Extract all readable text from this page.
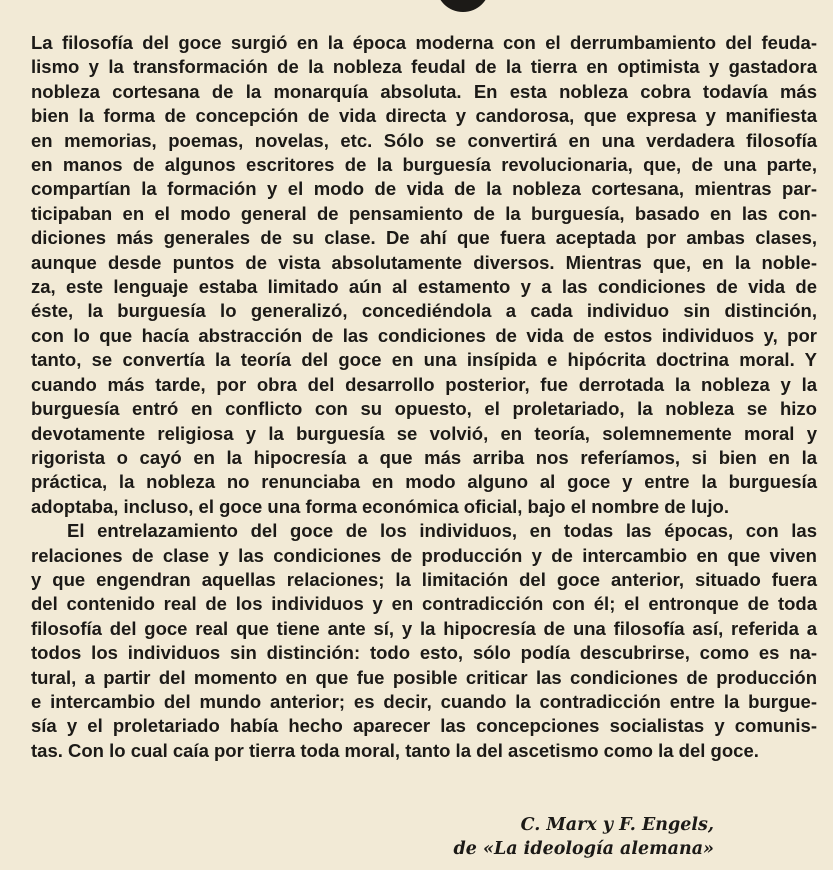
La filosofía del goce surgió en la época moderna con el derrumbamiento del feuda-
lismo y la transformación de la nobleza feudal de la tierra en optimista y gastadora
nobleza cortesana de la monarquía absoluta. En esta nobleza cobra todavía más
bien la forma de concepción de vida directa y candorosa, que expresa y manifiesta
en memorias, poemas, novelas, etc. Sólo se convertirá en una verdadera filosofía
en manos de algunos escritores de la burguesía revolucionaria, que, de una parte,
compartían la formación y el modo de vida de la nobleza cortesana, mientras par-
ticipaban en el modo general de pensamiento de la burguesía, basado en las con-
diciones más generales de su clase. De ahí que fuera aceptada por ambas clases,
aunque desde puntos de vista absolutamente diversos. Mientras que, en la noble-
za, este lenguaje estaba limitado aún al estamento y a las condiciones de vida de
éste, la burguesía lo generalizó, concediéndola a cada individuo sin distinción,
con lo que hacía abstracción de las condiciones de vida de estos individuos y, por
tanto, se convertía la teoría del goce en una insípida e hipócrita doctrina moral. Y
cuando más tarde, por obra del desarrollo posterior, fue derrotada la nobleza y la
burguesía entró en conflicto con su opuesto, el proletariado, la nobleza se hizo
devotamente religiosa y la burguesía se volvió, en teoría, solemnemente moral y
rigorista o cayó en la hipocresía a que más arriba nos referíamos, si bien en la
práctica, la nobleza no renunciaba en modo alguno al goce y entre la burguesía
adoptaba, incluso, el goce una forma económica oficial, bajo el nombre de lujo.

El entrelazamiento del goce de los individuos, en todas las épocas, con las
relaciones de clase y las condiciones de producción y de intercambio en que viven
y que engendran aquellas relaciones; la limitación del goce anterior, situado fuera
del contenido real de los individuos y en contradicción con él; el entronque de toda
filosofía del goce real que tiene ante sí, y la hipocresía de una filosofía así, referida a
todos los individuos sin distinción: todo esto, sólo podía descubrirse, como es na-
tural, a partir del momento en que fue posible criticar las condiciones de producción
e intercambio del mundo anterior; es decir, cuando la contradicción entre la burgue-
sía y el proletariado había hecho aparecer las concepciones socialistas y comunis-
tas. Con lo cual caía por tierra toda moral, tanto la del ascetismo como la del goce.

C. Marx y F. Engels,
de «La ideología alemana»
